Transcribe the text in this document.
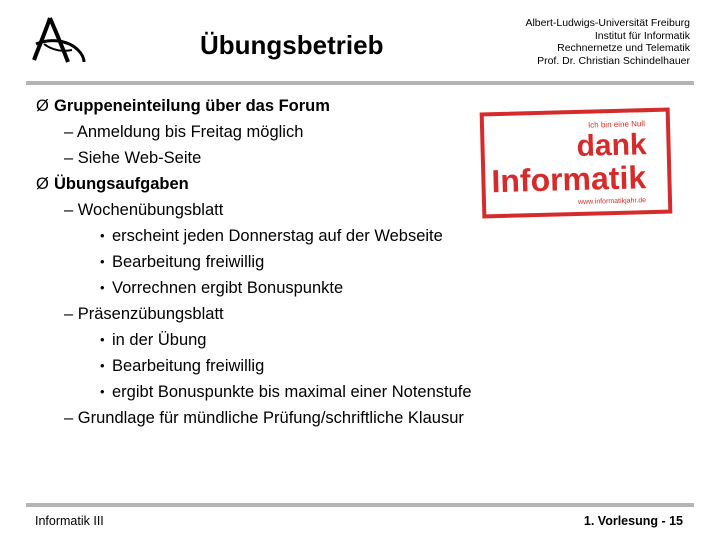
Übungsbetrieb
Albert-Ludwigs-Universität Freiburg
Institut für Informatik
Rechnernetze und Telematik
Prof. Dr. Christian Schindelhauer
Ich bin eine Null
dank
Informatik
www.informatikjahr.de
Ø Gruppeneinteilung über das Forum
– Anmeldung bis Freitag möglich
– Siehe Web-Seite
Ø Übungsaufgaben
– Wochenübungsblatt
• erscheint jeden Donnerstag auf der Webseite
• Bearbeitung freiwillig
• Vorrechnen ergibt Bonuspunkte
– Präsenzübungsblatt
• in der Übung
• Bearbeitung freiwillig
• ergibt Bonuspunkte bis maximal einer Notenstufe
– Grundlage für mündliche Prüfung/schriftliche Klausur
Informatik III	1. Vorlesung - 15
